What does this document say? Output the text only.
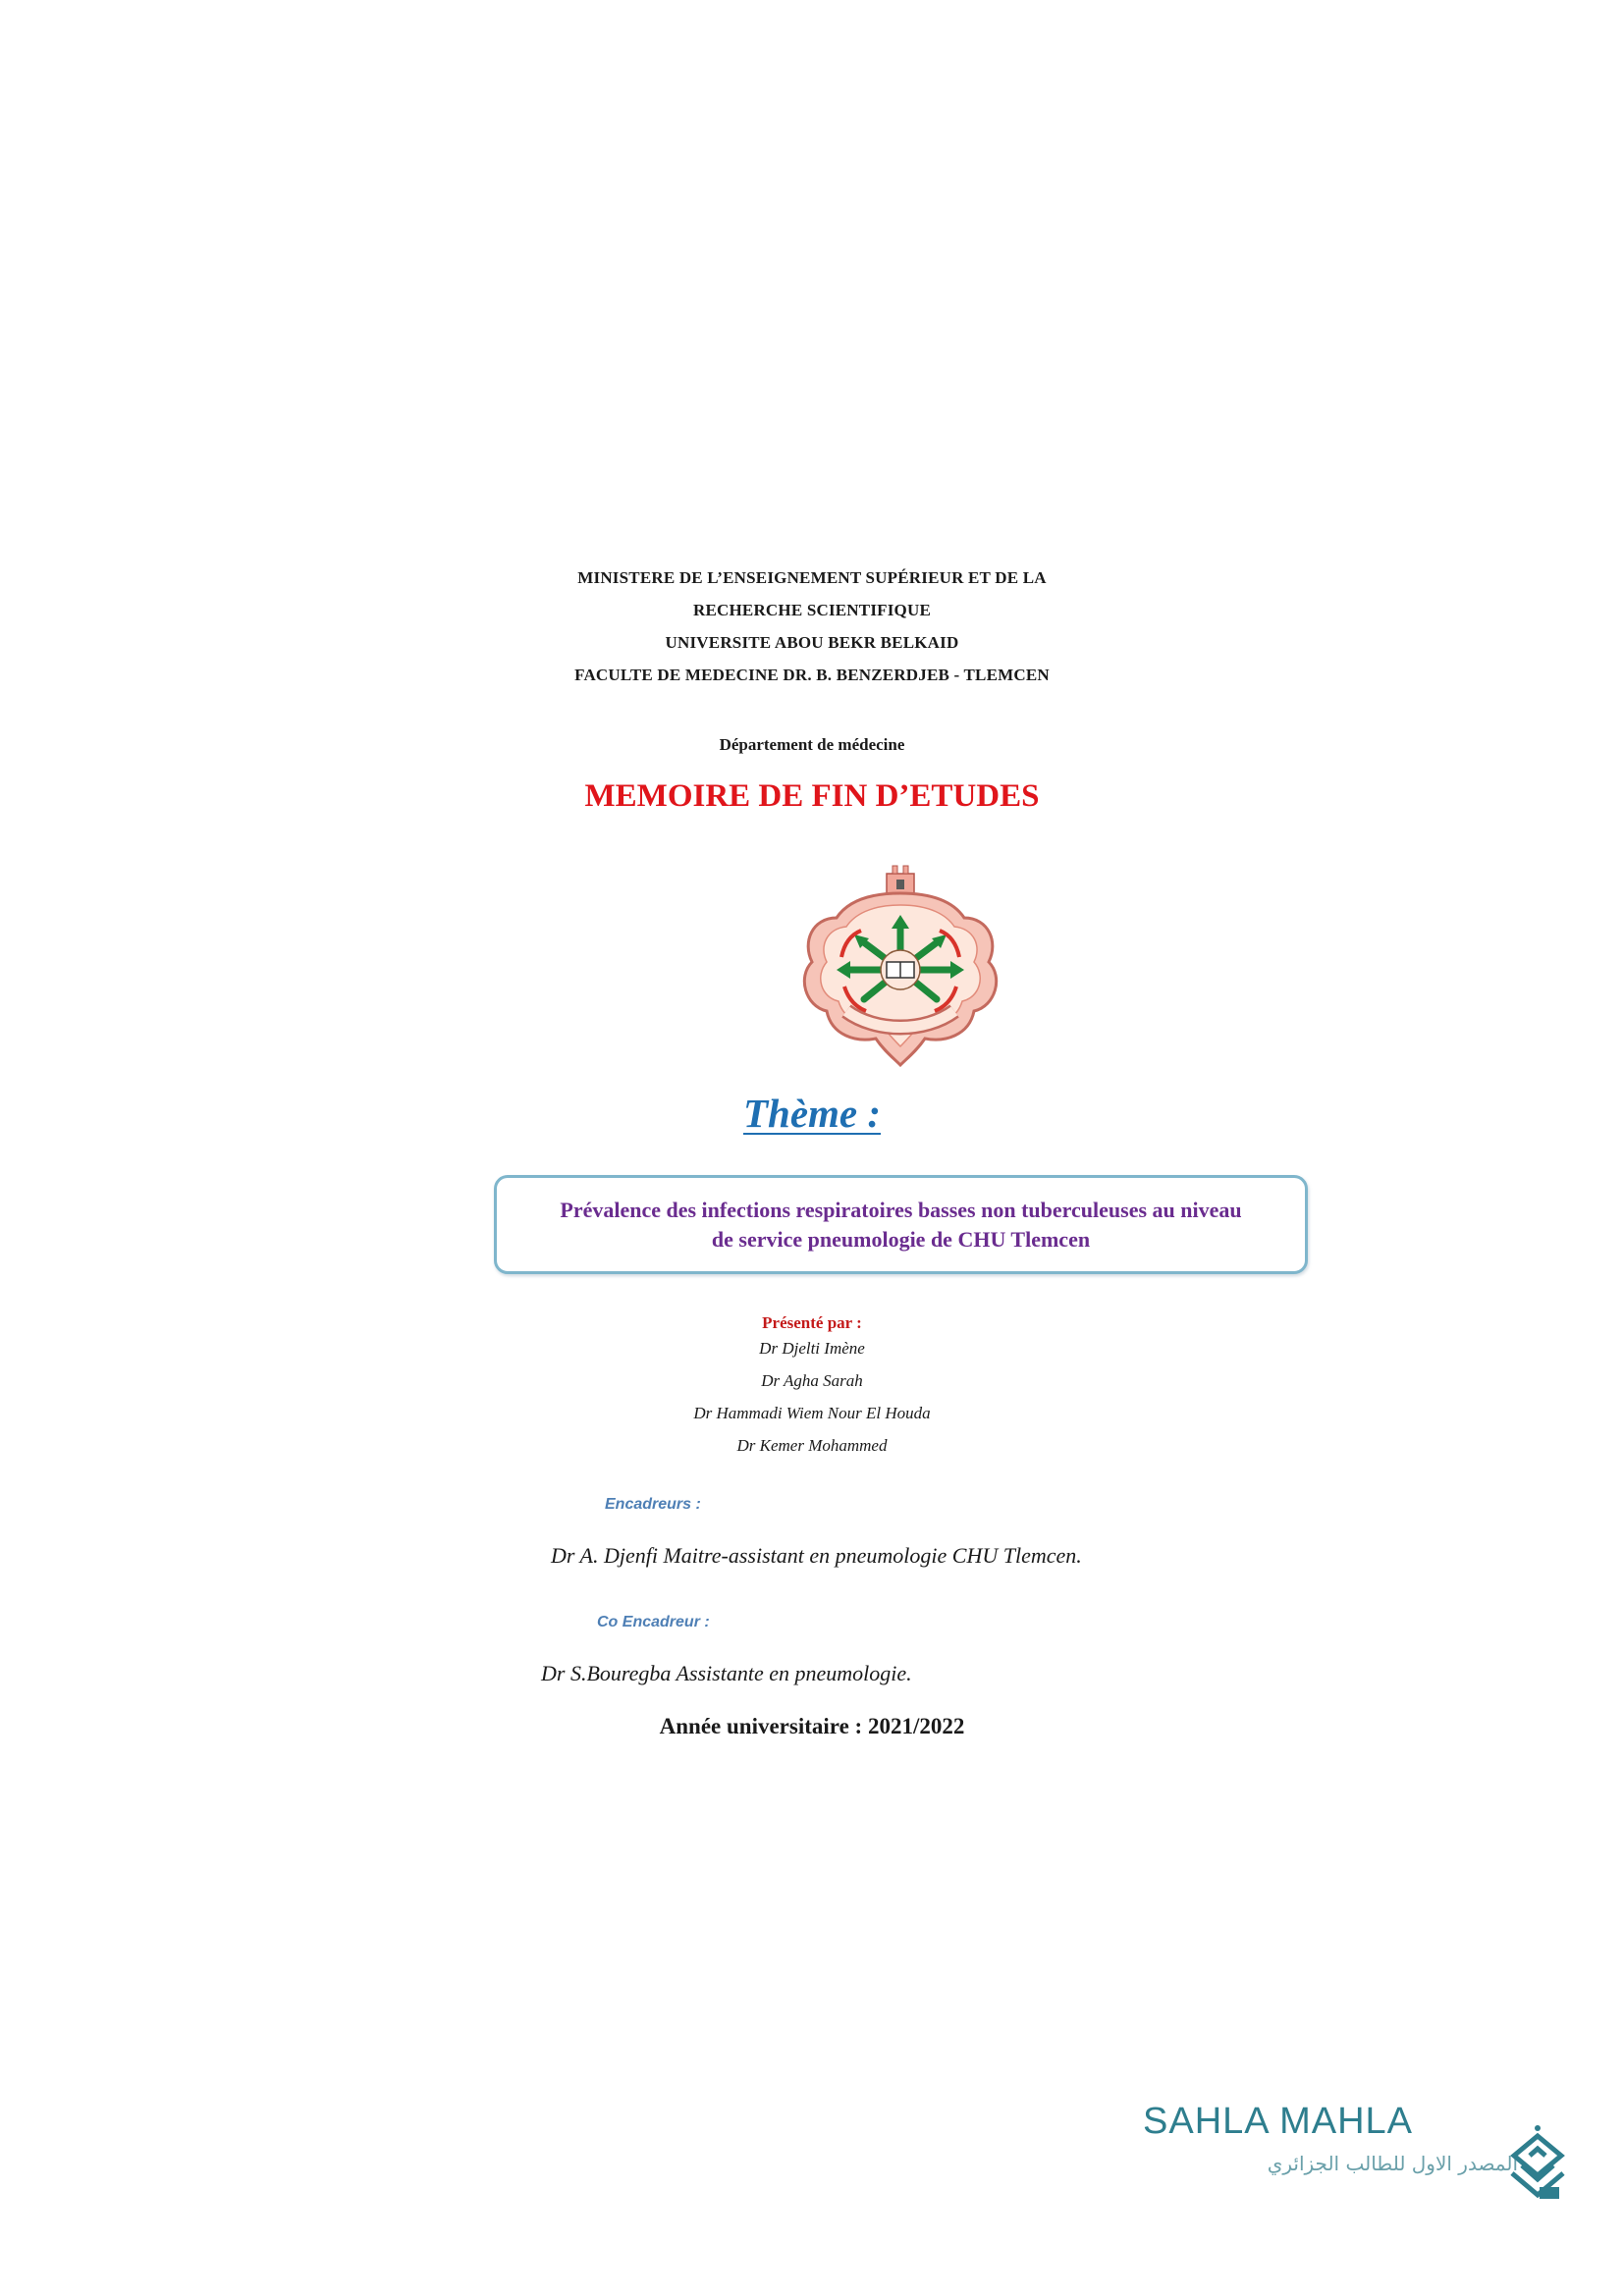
MINISTERE DE L’ENSEIGNEMENT SUPÉRIEUR ET DE LA
RECHERCHE SCIENTIFIQUE
UNIVERSITE ABOU BEKR BELKAID
FACULTE DE MEDECINE DR. B. BENZERDJEB - TLEMCEN
Département de médecine
MEMOIRE DE FIN D’ETUDES
Thème :
Prévalence des infections respiratoires basses non tuberculeuses au niveau
de service pneumologie de CHU Tlemcen
Présenté par :
Dr Djelti Imène
Dr Agha Sarah
Dr Hammadi Wiem Nour El Houda
Dr Kemer Mohammed
Encadreurs :
Dr A. Djenfi Maitre-assistant en pneumologie CHU Tlemcen.
Co Encadreur :
Dr S.Bouregba Assistante en pneumologie.
Année universitaire : 2021/2022
SAHLA MAHLA
المصدر الاول للطالب الجزائري
